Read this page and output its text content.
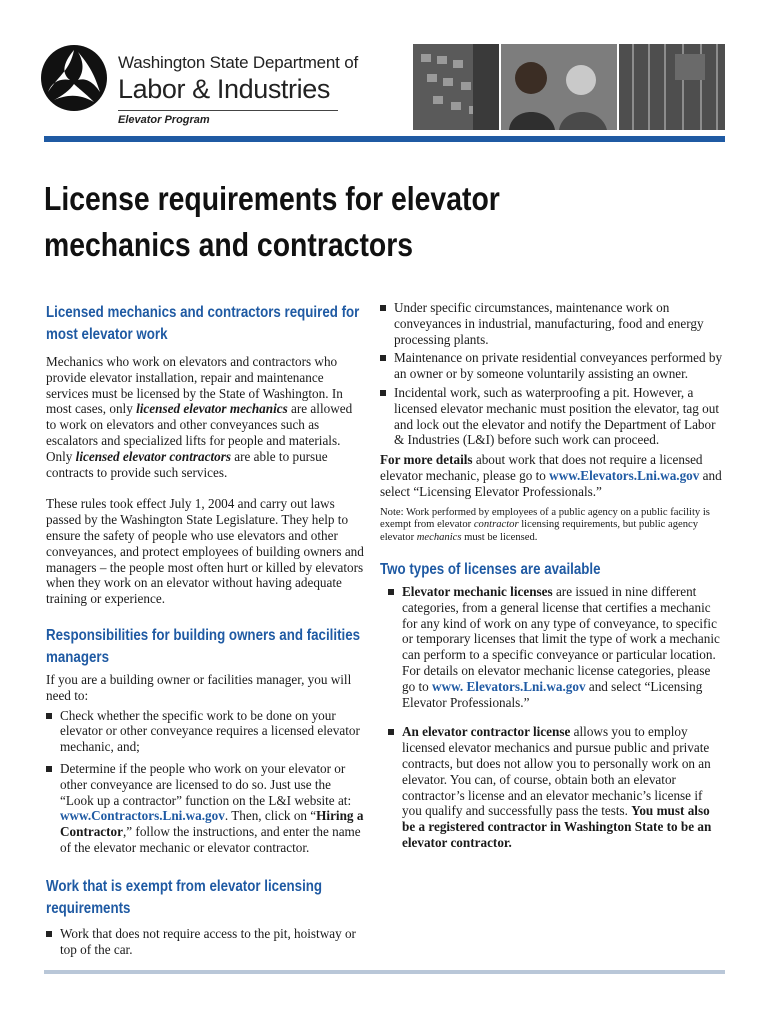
Washington State Department of
Labor & Industries
Elevator Program
License requirements for elevator
mechanics and contractors
Licensed mechanics and contractors required for most elevator work

Mechanics who work on elevators and contractors who provide elevator installation, repair and maintenance services must be licensed by the State of Washington. In most cases, only licensed elevator mechanics are allowed to work on elevators and other conveyances such as escalators and specialized lifts for people and materials. Only licensed elevator contractors are able to pursue contracts to provide such services.

These rules took effect July 1, 2004 and carry out laws passed by the Washington State Legislature. They help to ensure the safety of people who use elevators and other conveyances, and protect employees of building owners and managers – the people most often hurt or killed by elevators when they work on an elevator without having adequate training or experience.

Responsibilities for building owners and facilities managers

If you are a building owner or facilities manager, you will need to:

Check whether the specific work to be done on your elevator or other conveyance requires a licensed elevator mechanic, and;
Determine if the people who work on your elevator or other conveyance are licensed to do so. Just use the “Look up a contractor” function on the L&I website at: www.Contractors.Lni.wa.gov. Then, click on “Hiring a Contractor,” follow the instructions, and enter the name of the elevator mechanic or elevator contractor.
Work that is exempt from elevator licensing requirements
Work that does not require access to the pit, hoistway or top of the car.
Under specific circumstances, maintenance work on conveyances in industrial, manufacturing, food and energy processing plants.
Maintenance on private residential conveyances performed by an owner or by someone voluntarily assisting an owner.
Incidental work, such as waterproofing a pit. However, a licensed elevator mechanic must position the elevator, tag out and lock out the elevator and notify the Department of Labor & Industries (L&I) before such work can proceed.

For more details about work that does not require a licensed elevator mechanic, please go to www.Elevators.Lni.wa.gov and select “Licensing Elevator Professionals.”

Note: Work performed by employees of a public agency on a public facility is exempt from elevator contractor licensing requirements, but public agency elevator mechanics must be licensed.

Two types of licenses are available
Elevator mechanic licenses are issued in nine different categories, from a general license that certifies a mechanic for any kind of work on any type of conveyance, to specific or temporary licenses that limit the type of work a mechanic can perform to a specific conveyance or particular location. For details on elevator mechanic license categories, please go to www. Elevators.Lni.wa.gov and select “Licensing Elevator Professionals.”
An elevator contractor license allows you to employ licensed elevator mechanics and pursue public and private contracts, but does not allow you to personally work on an elevator. You can, of course, obtain both an elevator contractor’s license and an elevator mechanic’s license if you qualify and successfully pass the tests. You must also be a registered contractor in Washington State to be an elevator contractor.
